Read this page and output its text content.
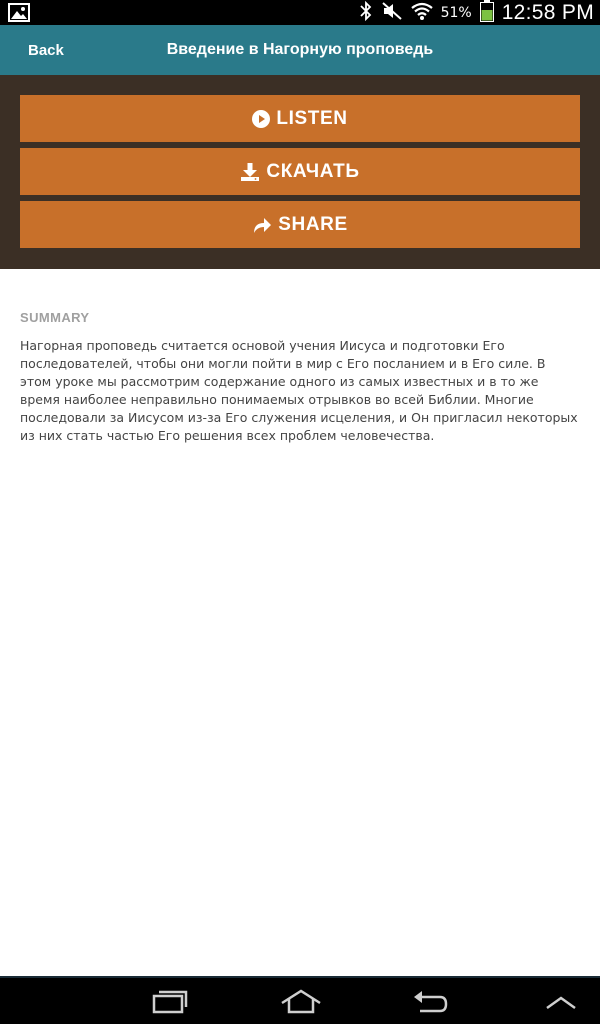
51% 12:58 PM
Back	Введение в Нагорную проповедь
LISTEN
СКАЧАТЬ
SHARE
SUMMARY

Нагорная проповедь считается основой учения Иисуса и подготовки Его последователей, чтобы они могли пойти в мир с Его посланием и в Его силе. В этом уроке мы рассмотрим содержание одного из самых известных и в то же время наиболее неправильно понимаемых отрывков во всей Библии. Многие последовали за Иисусом из-за Его служения исцеления, и Он пригласил некоторых из них стать частью Его решения всех проблем человечества.
